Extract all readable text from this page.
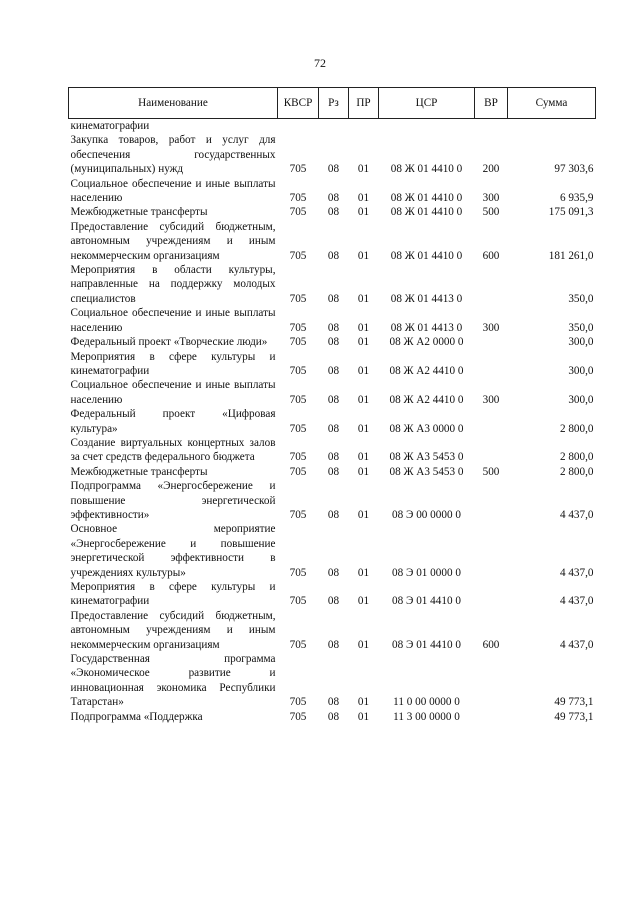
72
Наименование	КВСР	Рз	ПР	ЦСР	ВР	Сумма
кинематографии						
Закупка товаров, работ и услуг для обеспечения государственных (муниципальных) нужд	705	08	01	08 Ж 01 4410 0	200	97 303,6
Социальное обеспечение и иные выплаты населению	705	08	01	08 Ж 01 4410 0	300	6 935,9
Межбюджетные трансферты	705	08	01	08 Ж 01 4410 0	500	175 091,3
Предоставление субсидий бюджетным, автономным учреждениям и иным некоммерческим организациям	705	08	01	08 Ж 01 4410 0	600	181 261,0
Мероприятия в области культуры, направленные на поддержку молодых специалистов	705	08	01	08 Ж 01 4413 0		350,0
Социальное обеспечение и иные выплаты населению	705	08	01	08 Ж 01 4413 0	300	350,0
Федеральный проект «Творческие люди»	705	08	01	08 Ж А2 0000 0		300,0
Мероприятия в сфере культуры и кинематографии	705	08	01	08 Ж А2 4410 0		300,0
Социальное обеспечение и иные выплаты населению	705	08	01	08 Ж А2 4410 0	300	300,0
Федеральный проект «Цифровая культура»	705	08	01	08 Ж А3 0000 0		2 800,0
Создание виртуальных концертных залов за счет средств федерального бюджета	705	08	01	08 Ж А3 5453 0		2 800,0
Межбюджетные трансферты	705	08	01	08 Ж А3 5453 0	500	2 800,0
Подпрограмма «Энергосбережение и повышение энергетической эффективности»	705	08	01	08 Э 00 0000 0		4 437,0
Основное мероприятие «Энергосбережение и повышение энергетической эффективности в учреждениях культуры»	705	08	01	08 Э 01 0000 0		4 437,0
Мероприятия в сфере культуры и кинематографии	705	08	01	08 Э 01 4410 0		4 437,0
Предоставление субсидий бюджетным, автономным учреждениям и иным некоммерческим организациям	705	08	01	08 Э 01 4410 0	600	4 437,0
Государственная программа «Экономическое развитие и инновационная экономика Республики Татарстан»	705	08	01	11 0 00 0000 0		49 773,1
Подпрограмма «Поддержка	705	08	01	11 3 00 0000 0		49 773,1
